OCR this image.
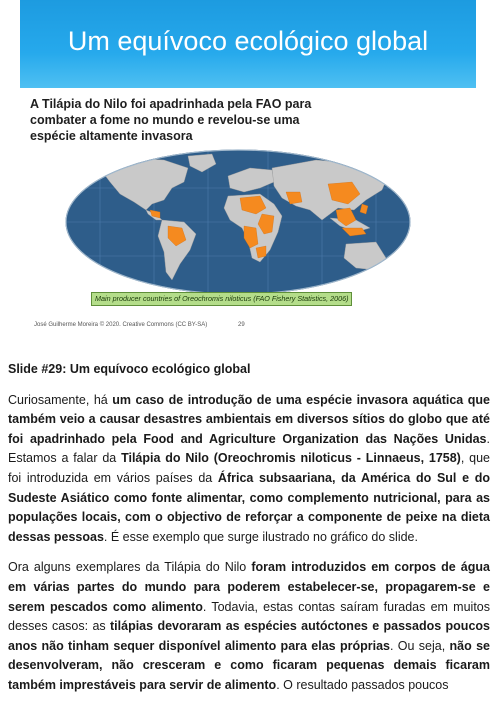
Um equívoco ecológico global
A Tilápia do Nilo foi apadrinhada pela FAO para combater a fome no mundo e revelou-se uma espécie altamente invasora
Main producer countries of Oreochromis niloticus (FAO Fishery Statistics, 2006)
José Guilherme Moreira © 2020. Creative Commons (CC BY-SA)	29

Slide #29: Um equívoco ecológico global

Curiosamente, há um caso de introdução de uma espécie invasora aquática que também veio a causar desastres ambientais em diversos sítios do globo que até foi apadrinhado pela Food and Agriculture Organization das Nações Unidas. Estamos a falar da Tilápia do Nilo (Oreochromis niloticus - Linnaeus, 1758), que foi introduzida em vários países da África subsaariana, da América do Sul e do Sudeste Asiático como fonte alimentar, como complemento nutricional, para as populações locais, com o objectivo de reforçar a componente de peixe na dieta dessas pessoas. É esse exemplo que surge ilustrado no gráfico do slide.

Ora alguns exemplares da Tilápia do Nilo foram introduzidos em corpos de água em várias partes do mundo para poderem estabelecer-se, propagarem-se e serem pescados como alimento. Todavia, estas contas saíram furadas em muitos desses casos: as tilápias devoraram as espécies autóctones e passados poucos anos não tinham sequer disponível alimento para elas próprias. Ou seja, não se desenvolveram, não cresceram e como ficaram pequenas demais ficaram também imprestáveis para servir de alimento. O resultado passados poucos
